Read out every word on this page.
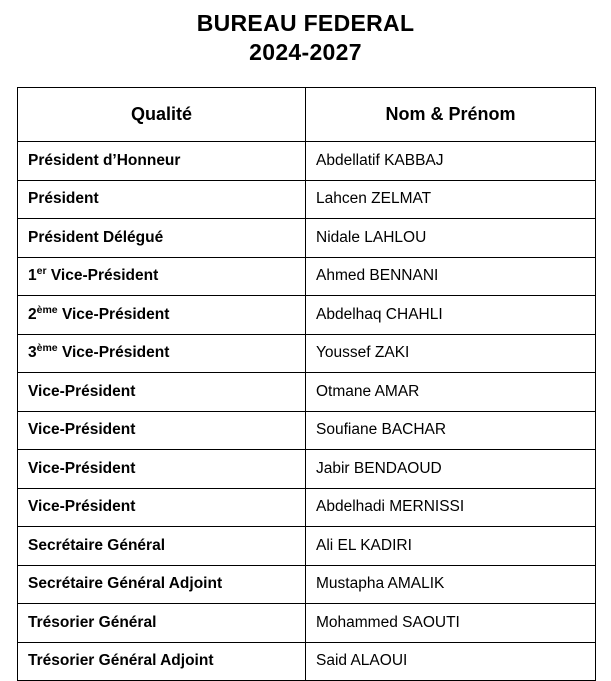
BUREAU FEDERAL
2024-2027
Qualité	Nom & Prénom
Président d’Honneur	Abdellatif KABBAJ
Président	Lahcen ZELMAT
Président Délégué	Nidale LAHLOU
1er Vice-Président	Ahmed BENNANI
2ème Vice-Président	Abdelhaq CHAHLI
3ème Vice-Président	Youssef ZAKI
Vice-Président	Otmane AMAR
Vice-Président	Soufiane BACHAR
Vice-Président	Jabir BENDAOUD
Vice-Président	Abdelhadi MERNISSI
Secrétaire Général	Ali EL KADIRI
Secrétaire Général Adjoint	Mustapha AMALIK
Trésorier Général	Mohammed SAOUTI
Trésorier Général Adjoint	Said ALAOUI
